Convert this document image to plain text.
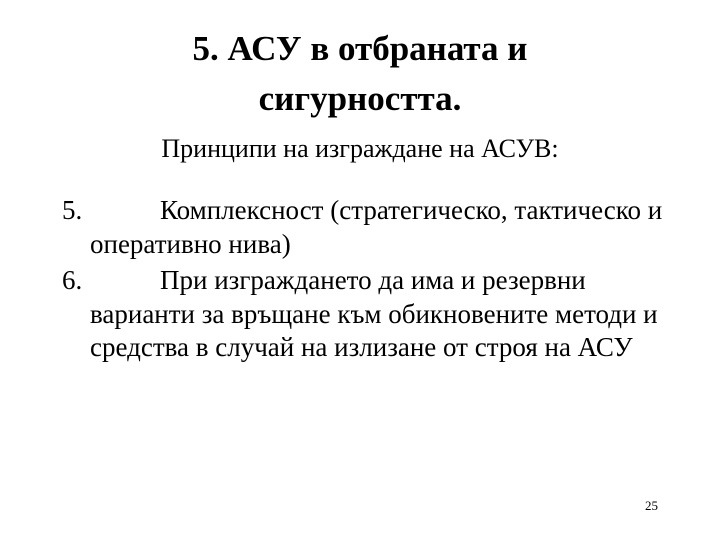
5. АСУ в отбраната и
сигурността.
Принципи на изграждане на АСУВ:
5.	Комплексност (стратегическо, тактическо и оперативно нива)
6.	При изграждането да има и резервни варианти за връщане към обикновените методи и средства в случай на излизане от строя на АСУ
25
